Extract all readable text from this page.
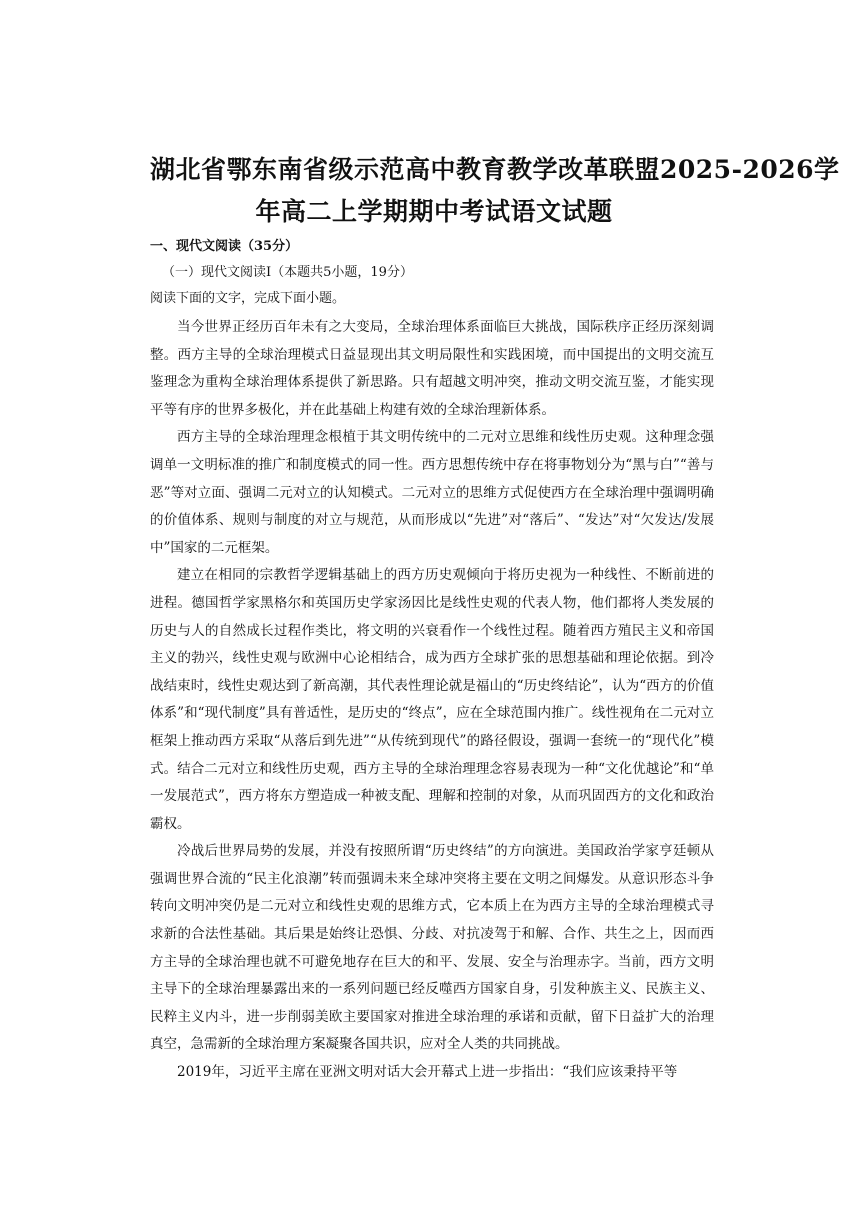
湖北省鄂东南省级示范高中教育教学改革联盟2025-2026学
年高二上学期期中考试语文试题
一、现代文阅读（35分）
（一）现代文阅读Ⅰ（本题共5小题，19分）
阅读下面的文字，完成下面小题。

当今世界正经历百年未有之大变局，全球治理体系面临巨大挑战，国际秩序正经历深刻调整。西方主导的全球治理模式日益显现出其文明局限性和实践困境，而中国提出的文明交流互鉴理念为重构全球治理体系提供了新思路。只有超越文明冲突，推动文明交流互鉴，才能实现平等有序的世界多极化，并在此基础上构建有效的全球治理新体系。

西方主导的全球治理理念根植于其文明传统中的二元对立思维和线性历史观。这种理念强调单一文明标准的推广和制度模式的同一性。西方思想传统中存在将事物划分为“黑与白”“善与恶”等对立面、强调二元对立的认知模式。二元对立的思维方式促使西方在全球治理中强调明确的价值体系、规则与制度的对立与规范，从而形成以“先进”对“落后”、“发达”对“欠发达/发展中”国家的二元框架。

建立在相同的宗教哲学逻辑基础上的西方历史观倾向于将历史视为一种线性、不断前进的进程。德国哲学家黑格尔和英国历史学家汤因比是线性史观的代表人物，他们都将人类发展的历史与人的自然成长过程作类比，将文明的兴衰看作一个线性过程。随着西方殖民主义和帝国主义的勃兴，线性史观与欧洲中心论相结合，成为西方全球扩张的思想基础和理论依据。到冷战结束时，线性史观达到了新高潮，其代表性理论就是福山的“历史终结论”，认为“西方的价值体系”和“现代制度”具有普适性，是历史的“终点”，应在全球范围内推广。线性视角在二元对立框架上推动西方采取“从落后到先进”“从传统到现代”的路径假设，强调一套统一的“现代化”模式。结合二元对立和线性历史观，西方主导的全球治理理念容易表现为一种“文化优越论”和“单一发展范式”，西方将东方塑造成一种被支配、理解和控制的对象，从而巩固西方的文化和政治霸权。

冷战后世界局势的发展，并没有按照所谓“历史终结”的方向演进。美国政治学家亨廷顿从强调世界合流的“民主化浪潮”转而强调未来全球冲突将主要在文明之间爆发。从意识形态斗争转向文明冲突仍是二元对立和线性史观的思维方式，它本质上在为西方主导的全球治理模式寻求新的合法性基础。其后果是始终让恐惧、分歧、对抗凌驾于和解、合作、共生之上，因而西方主导的全球治理也就不可避免地存在巨大的和平、发展、安全与治理赤字。当前，西方文明主导下的全球治理暴露出来的一系列问题已经反噬西方国家自身，引发种族主义、民族主义、民粹主义内斗，进一步削弱美欧主要国家对推进全球治理的承诺和贡献，留下日益扩大的治理真空，急需新的全球治理方案凝聚各国共识，应对全人类的共同挑战。

2019年，习近平主席在亚洲文明对话大会开幕式上进一步指出：“我们应该秉持平等
